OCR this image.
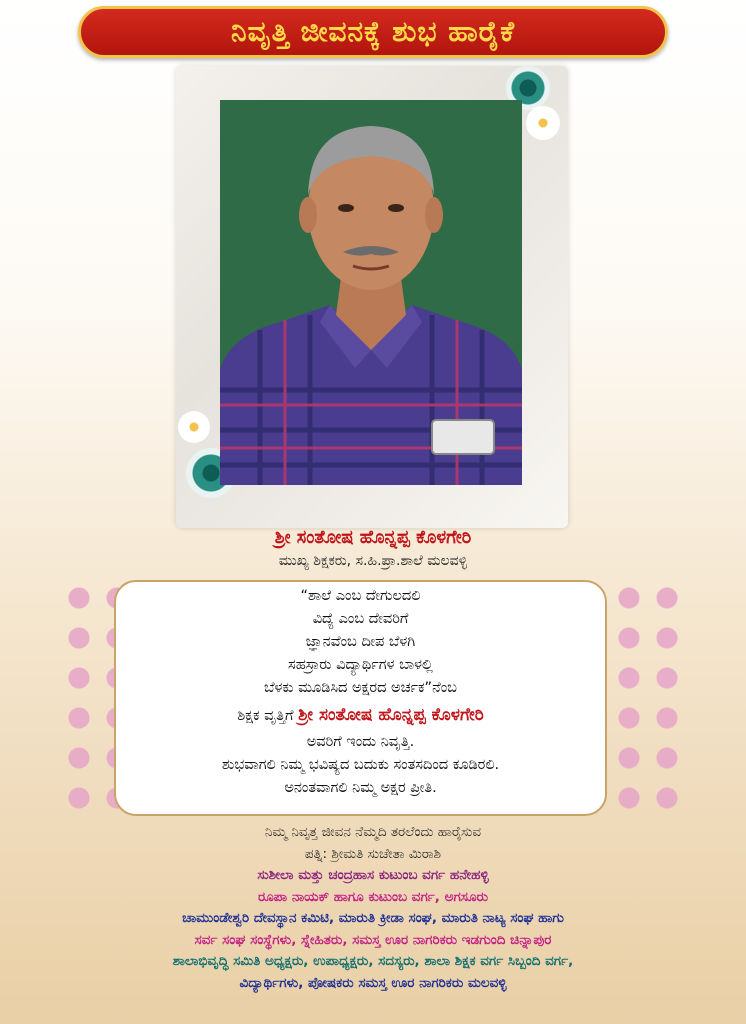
ನಿವೃತ್ತಿ ಜೀವನಕ್ಕೆ ಶುಭ ಹಾರೈಕೆ
ಶ್ರೀ ಸಂತೋಷ ಹೊನ್ನಪ್ಪ ಕೊಳಗೇರಿ
ಮುಖ್ಯ ಶಿಕ್ಷಕರು, ಸ.ಹಿ.ಪ್ರಾ.ಶಾಲೆ ಮಲವಳ್ಳಿ
“ಶಾಲೆ ಎಂಬ ದೇಗುಲದಲಿ
ವಿದ್ಯೆ ಎಂಬ ದೇವರಿಗೆ
ಜ್ಞಾನವೆಂಬ ದೀಪ ಬೆಳಗಿ
ಸಹಸ್ರಾರು ವಿದ್ಯಾರ್ಥಿಗಳ ಬಾಳಲ್ಲಿ
ಬೆಳಕು ಮೂಡಿಸಿದ ಅಕ್ಷರದ ಅರ್ಚಕ”ನೆಂಬ
ಶಿಕ್ಷಕ ವೃತ್ತಿಗೆ ಶ್ರೀ ಸಂತೋಷ ಹೊನ್ನಪ್ಪ ಕೊಳಗೇರಿ
ಅವರಿಗೆ ಇಂದು ನಿವೃತ್ತಿ.
ಶುಭವಾಗಲಿ ನಿಮ್ಮ ಭವಿಷ್ಯದ ಬದುಕು ಸಂತಸದಿಂದ ಕೂಡಿರಲಿ.
ಅನಂತವಾಗಲಿ ನಿಮ್ಮ ಅಕ್ಷರ ಪ್ರೀತಿ.
ನಿಮ್ಮ ನಿವೃತ್ತ ಜೀವನ ನೆಮ್ಮದಿ ತರಲೆಂದು ಹಾರೈಸುವ
ಪತ್ನಿ: ಶ್ರೀಮತಿ ಸುಚೇತಾ ಮಿರಾಶಿ
ಸುಶೀಲಾ ಮತ್ತು ಚಂದ್ರಹಾಸ ಕುಟುಂಬ ವರ್ಗ ಹನೇಹಳ್ಳಿ
ರೂಪಾ ನಾಯಕ್ ಹಾಗೂ ಕುಟುಂಬ ವರ್ಗ, ಅಗಸೂರು
ಚಾಮುಂಡೇಶ್ವರಿ ದೇವಸ್ಥಾನ ಕಮಿಟಿ, ಮಾರುತಿ ಕ್ರೀಡಾ ಸಂಘ, ಮಾರುತಿ ನಾಟ್ಯ ಸಂಘ ಹಾಗು
ಸರ್ವ ಸಂಘ ಸಂಸ್ಥೆಗಳು, ಸ್ನೇಹಿತರು, ಸಮಸ್ತ ಊರ ನಾಗರಿಕರು ಇಡಗುಂದಿ ಚಿನ್ನಾಪುರ
ಶಾಲಾಭಿವೃದ್ಧಿ ಸಮಿತಿ ಅಧ್ಯಕ್ಷರು, ಉಪಾಧ್ಯಕ್ಷರು, ಸದಸ್ಯರು, ಶಾಲಾ ಶಿಕ್ಷಕ ವರ್ಗ ಸಿಬ್ಬಂದಿ ವರ್ಗ,
ವಿದ್ಯಾರ್ಥಿಗಳು, ಪೋಷಕರು ಸಮಸ್ತ ಊರ ನಾಗರಿಕರು ಮಲವಳ್ಳಿ
